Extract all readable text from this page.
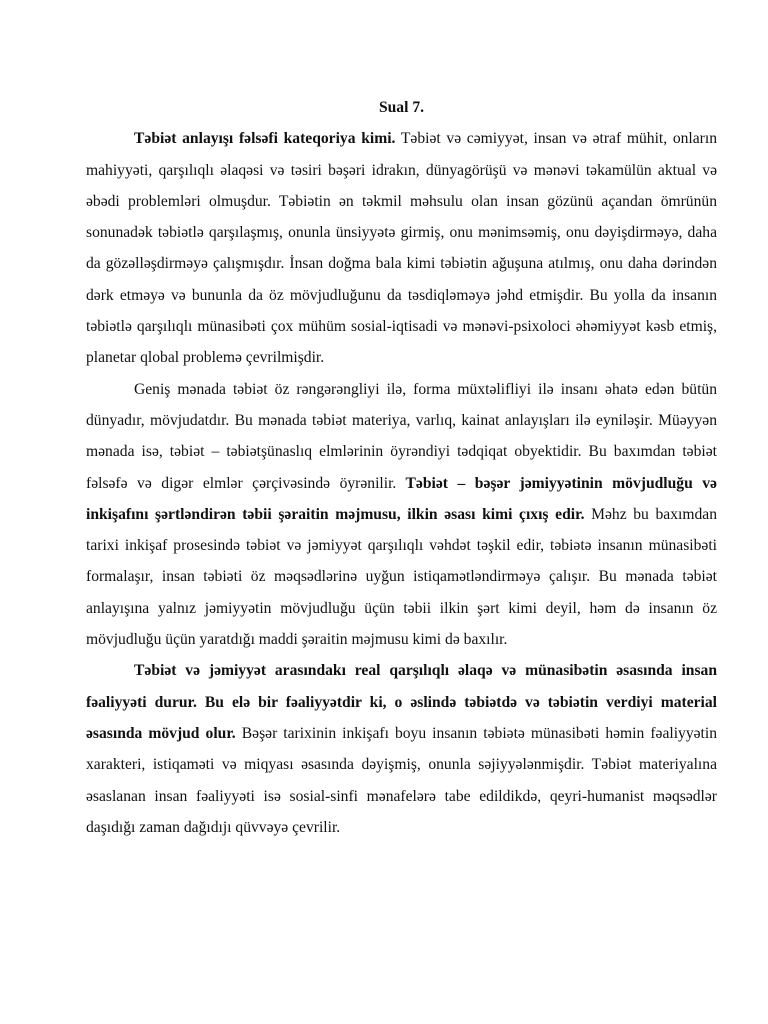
Sual 7.

Təbiət anlayışı fəlsəfi kateqoriya kimi. Təbiət və cəmiyyət, insan və ətraf mühit, onların mahiyyəti, qarşılıqlı əlaqəsi və təsiri bəşəri idrakın, dünyagörüşü və mənəvi təkamülün aktual və əbədi problemləri olmuşdur. Təbiətin ən təkmil məhsulu olan insan gözünü açandan ömrünün sonunadək təbiətlə qarşılaşmış, onunla ünsiyyətə girmiş, onu mənimsəmiş, onu dəyişdirməyə, daha da gözəlləşdirməyə çalışmışdır. İnsan doğma bala kimi təbiətin ağuşuna atılmış, onu daha dərindən dərk etməyə və bununla da öz mövjudluğunu da təsdiqləməyə jəhd etmişdir. Bu yolla da insanın təbiətlə qarşılıqlı münasibəti çox mühüm sosial-iqtisadi və mənəvi-psixoloci əhəmiyyət kəsb etmiş, planetar qlobal problemə çevrilmişdir.

Geniş mənada təbiət öz rəngərəngliyi ilə, forma müxtəlifliyi ilə insanı əhatə edən bütün dünyadır, mövjudatdır. Bu mənada təbiət materiya, varlıq, kainat anlayışları ilə eyniləşir. Müəyyən mənada isə, təbiət – təbiətşünaslıq elmlərinin öyrəndiyi tədqiqat obyektidir. Bu baxımdan təbiət fəlsəfə və digər elmlər çərçivəsində öyrənilir. Təbiət – bəşər jəmiyyətinin mövjudluğu və inkişafını şərtləndirən təbii şəraitin məjmusu, ilkin əsası kimi çıxış edir. Məhz bu baxımdan tarixi inkişaf prosesində təbiət və jəmiyyət qarşılıqlı vəhdət təşkil edir, təbiətə insanın münasibəti formalaşır, insan təbiəti öz məqsədlərinə uyğun istiqamətləndirməyə çalışır. Bu mənada təbiət anlayışına yalnız jəmiyyətin mövjudluğu üçün təbii ilkin şərt kimi deyil, həm də insanın öz mövjudluğu üçün yaratdığı maddi şəraitin məjmusu kimi də baxılır.

Təbiət və jəmiyyət arasındakı real qarşılıqlı əlaqə və münasibətin əsasında insan fəaliyyəti durur. Bu elə bir fəaliyyətdir ki, o əslində təbiətdə və təbiətin verdiyi material əsasında mövjud olur. Bəşər tarixinin inkişafı boyu insanın təbiətə münasibəti həmin fəaliyyətin xarakteri, istiqaməti və miqyası əsasında dəyişmiş, onunla səjiyyələnmişdir. Təbiət materiyalına əsaslanan insan fəaliyyəti isə sosial-sinfi mənafelərə tabe edildikdə, qeyri-humanist məqsədlər daşıdığı zaman dağıdıjı qüvvəyə çevrilir.
